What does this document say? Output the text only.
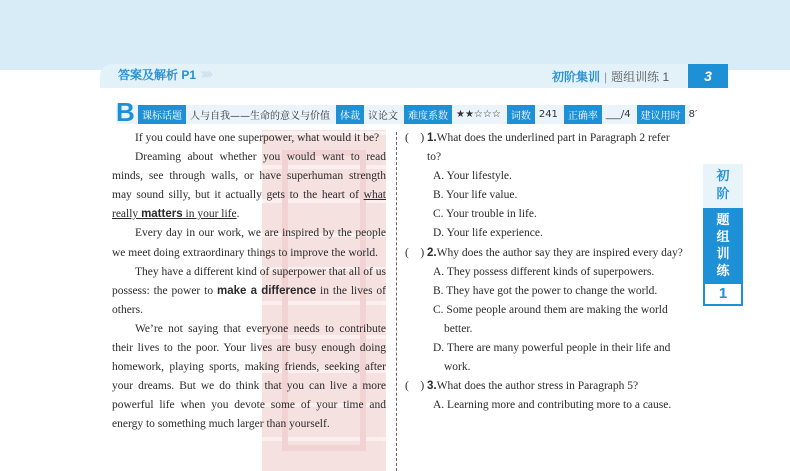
答案及解析 P1 ››››	初阶集训 | 题组训练 1	3
课标话题 人与自我——生命的意义与价值	体裁 议论文	难度系数 ★★☆☆☆	词数 241	正确率 ___/4	建议用时 8′
B

If you could have one superpower, what would it be?

Dreaming about whether you would want to read minds, see through walls, or have superhuman strength may sound silly, but it actually gets to the heart of what really matters in your life.

Every day in our work, we are inspired by the people we meet doing extraordinary things to improve the world.

They have a different kind of superpower that all of us possess: the power to make a difference in the lives of others.

We’re not saying that everyone needs to contribute their lives to the poor. Your lives are busy enough doing homework, playing sports, making friends, seeking after your dreams. But we do think that you can live a more powerful life when you devote some of your time and energy to something much larger than yourself.

(    ) 1.What does the underlined part in Paragraph 2 refer to?
A. Your lifestyle.
B. Your life value.
C. Your trouble in life.
D. Your life experience.
(    ) 2.Why does the author say they are inspired every day?
A. They possess different kinds of superpowers.
B. They have got the power to change the world.
C. Some people around them are making the world better.
D. There are many powerful people in their life and work.
(    ) 3.What does the author stress in Paragraph 5?
A. Learning more and contributing more to a cause.
初
阶
题
组
训
练
1
